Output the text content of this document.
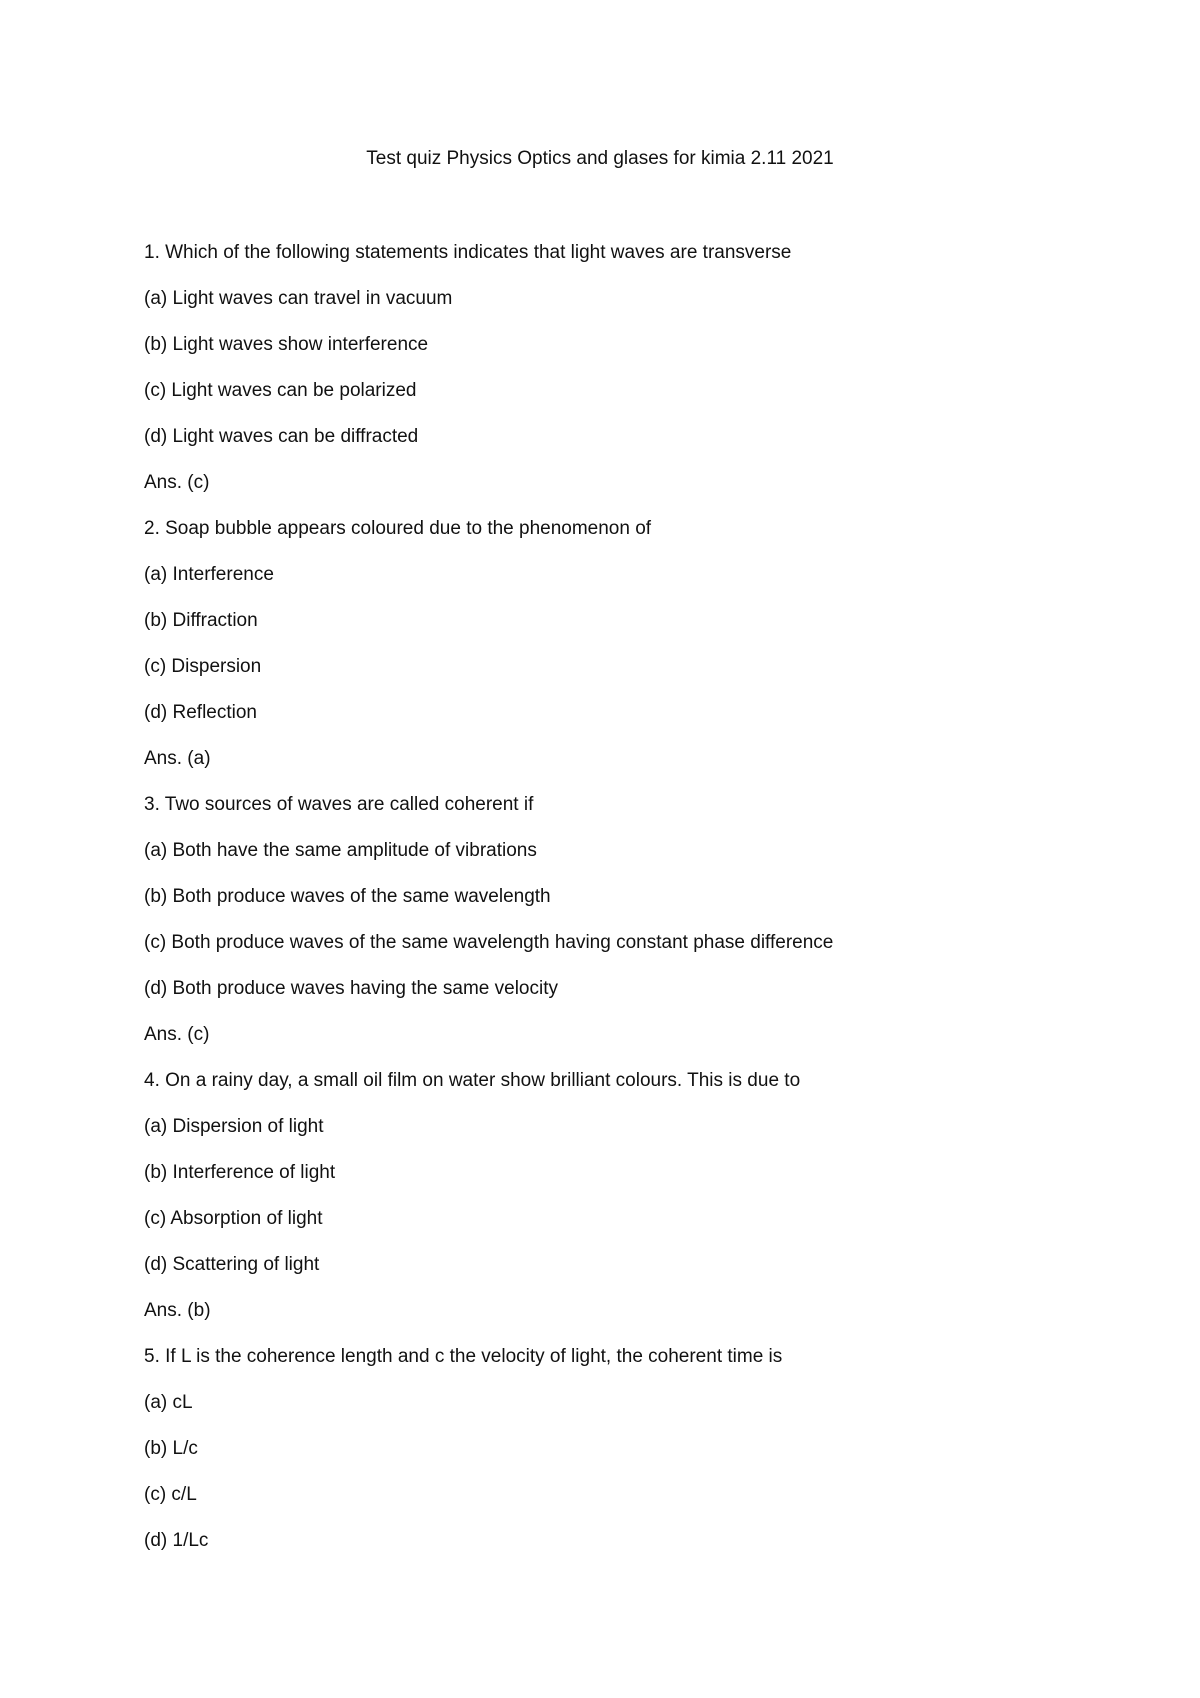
Test quiz Physics Optics and glases for kimia 2.11 2021
1. Which of the following statements indicates that light waves are transverse
(a) Light waves can travel in vacuum
(b) Light waves show interference
(c) Light waves can be polarized
(d) Light waves can be diffracted
Ans. (c)
2. Soap bubble appears coloured due to the phenomenon of
(a) Interference
(b) Diffraction
(c) Dispersion
(d) Reflection
Ans. (a)
3. Two sources of waves are called coherent if
(a) Both have the same amplitude of vibrations
(b) Both produce waves of the same wavelength
(c) Both produce waves of the same wavelength having constant phase difference
(d) Both produce waves having the same velocity
Ans. (c)
4. On a rainy day, a small oil film on water show brilliant colours. This is due to
(a) Dispersion of light
(b) Interference of light
(c) Absorption of light
(d) Scattering of light
Ans. (b)
5. If L is the coherence length and c the velocity of light, the coherent time is
(a) cL
(b) L/c
(c) c/L
(d) 1/Lc
